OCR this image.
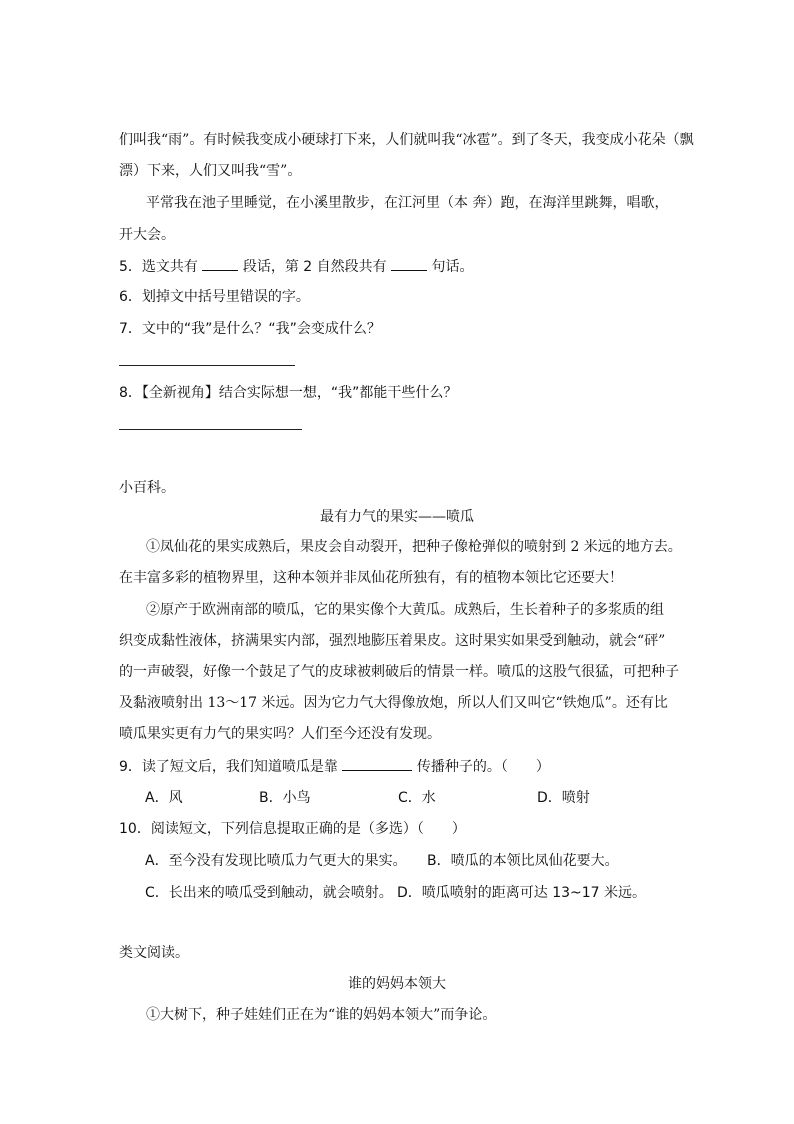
们叫我“雨”。有时候我变成小硬球打下来，人们就叫我“冰雹”。到了冬天，我变成小花朵（飘
漂）下来，人们又叫我“雪”。
平常我在池子里睡觉，在小溪里散步，在江河里（本 奔）跑，在海洋里跳舞，唱歌，
开大会。
5．选文共有	段话，第 2 自然段共有	句话。
6．划掉文中括号里错误的字。
7．文中的“我”是什么？“我”会变成什么？
8．【全新视角】结合实际想一想，“我”都能干些什么？
小百科。
最有力气的果实——喷瓜
①凤仙花的果实成熟后，果皮会自动裂开，把种子像枪弹似的喷射到 2 米远的地方去。
在丰富多彩的植物界里，这种本领并非凤仙花所独有，有的植物本领比它还要大！
②原产于欧洲南部的喷瓜，它的果实像个大黄瓜。成熟后，生长着种子的多浆质的组
织变成黏性液体，挤满果实内部，强烈地膨压着果皮。这时果实如果受到触动，就会“砰”
的一声破裂，好像一个鼓足了气的皮球被刺破后的情景一样。喷瓜的这股气很猛，可把种子
及黏液喷射出 13～17 米远。因为它力气大得像放炮，所以人们又叫它“铁炮瓜”。还有比
喷瓜果实更有力气的果实吗？人们至今还没有发现。
9．读了短文后，我们知道喷瓜是靠	传播种子的。（　　）
A．风	B．小鸟	C．水	D．喷射
10．阅读短文，下列信息提取正确的是（多选）（　　）
A．至今没有发现比喷瓜力气更大的果实。 B．喷瓜的本领比凤仙花要大。
C．长出来的喷瓜受到触动，就会喷射。 D．喷瓜喷射的距离可达 13~17 米远。
类文阅读。
谁的妈妈本领大
①大树下，种子娃娃们正在为“谁的妈妈本领大”而争论。
